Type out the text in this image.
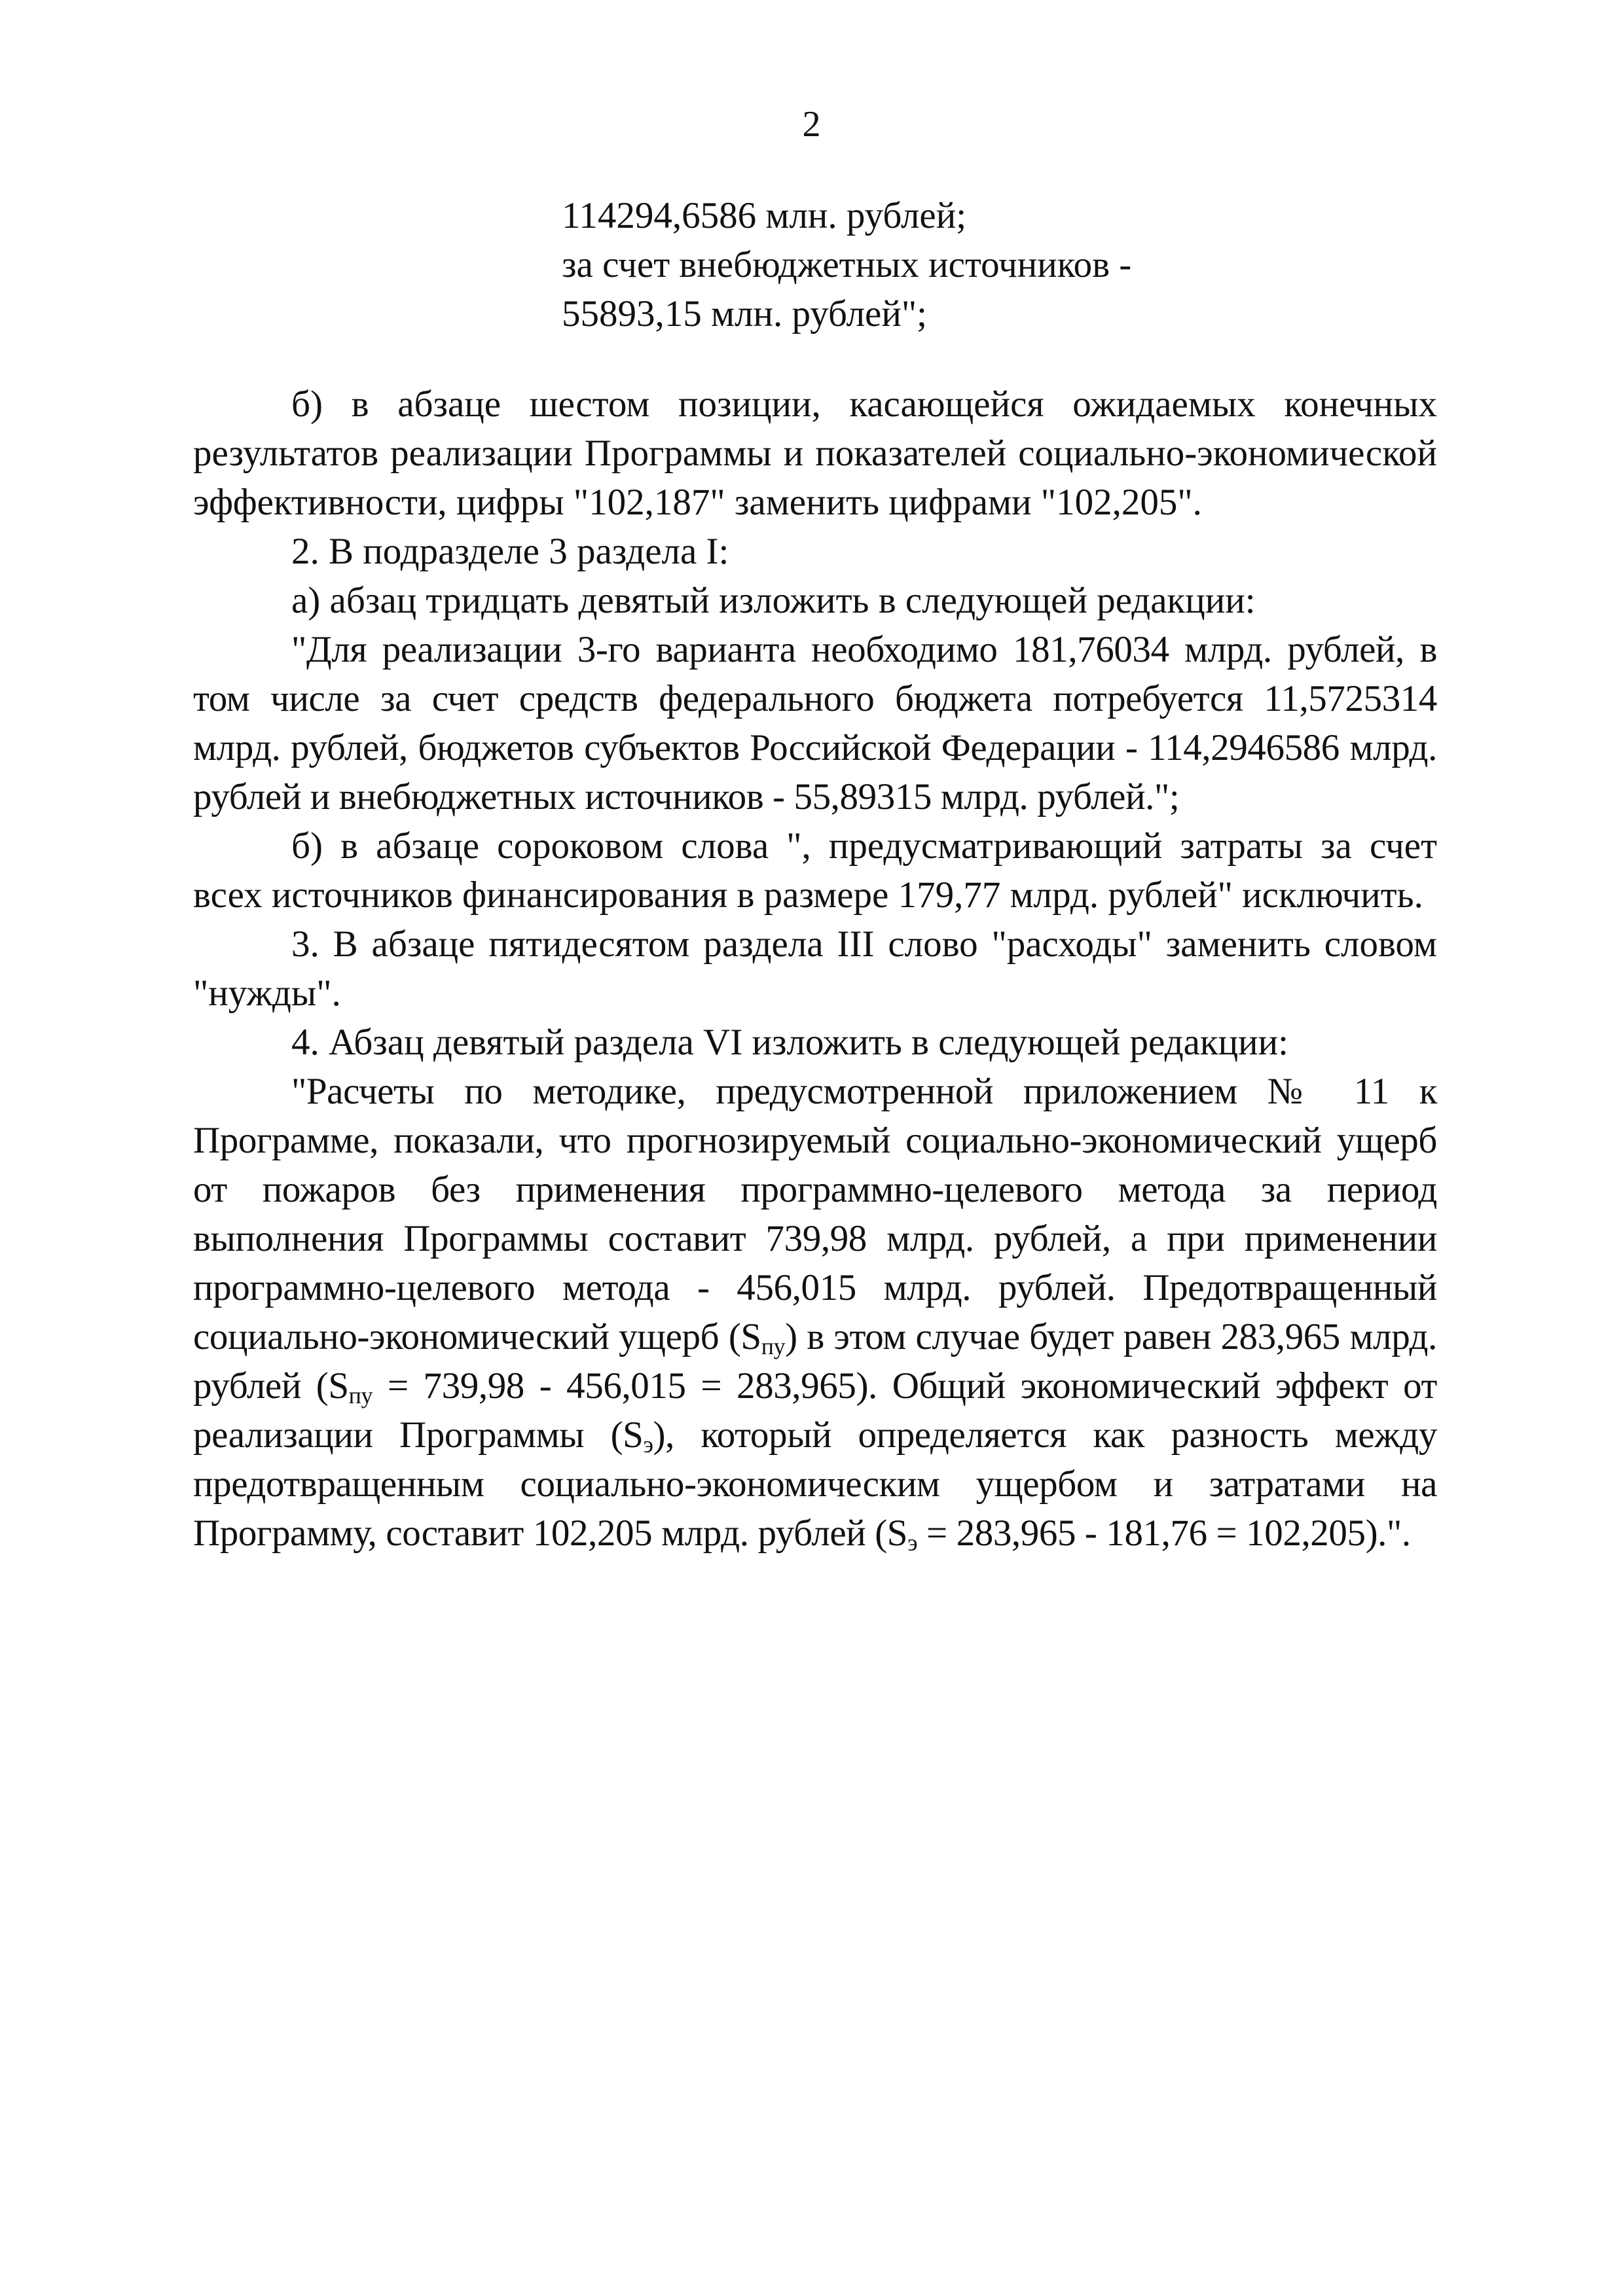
2
114294,6586 млн. рублей;
за счет внебюджетных источников -
55893,15 млн. рублей";

б) в абзаце шестом позиции, касающейся ожидаемых конечных результатов реализации Программы и показателей социально-экономической эффективности, цифры "102,187" заменить цифрами "102,205".

2. В подразделе 3 раздела I:

а) абзац тридцать девятый изложить в следующей редакции:

"Для реализации 3-го варианта необходимо 181,76034 млрд. рублей, в том числе за счет средств федерального бюджета потребуется 11,5725314 млрд. рублей, бюджетов субъектов Российской Федерации - 114,2946586 млрд. рублей и внебюджетных источников - 55,89315 млрд. рублей.";

б) в абзаце сороковом слова ", предусматривающий затраты за счет всех источников финансирования в размере 179,77 млрд. рублей" исключить.

3. В абзаце пятидесятом раздела III слово "расходы" заменить словом "нужды".

4. Абзац девятый раздела VI изложить в следующей редакции:

"Расчеты по методике, предусмотренной приложением № 11 к Программе, показали, что прогнозируемый социально-экономический ущерб от пожаров без применения программно-целевого метода за период выполнения Программы составит 739,98 млрд. рублей, а при применении программно-целевого метода - 456,015 млрд. рублей. Предотвращенный социально-экономический ущерб $(S_{пу})$ в этом случае будет равен 283,965 млрд. рублей $(S_{пу} = 739,98 - 456,015 = 283,965)$. Общий экономический эффект от реализации Программы $(S_э)$, который определяется как разность между предотвращенным социально-экономическим ущербом и затратами на Программу, составит 102,205 млрд. рублей $(S_э = 283,965 - 181,76 = 102,205)$.".
